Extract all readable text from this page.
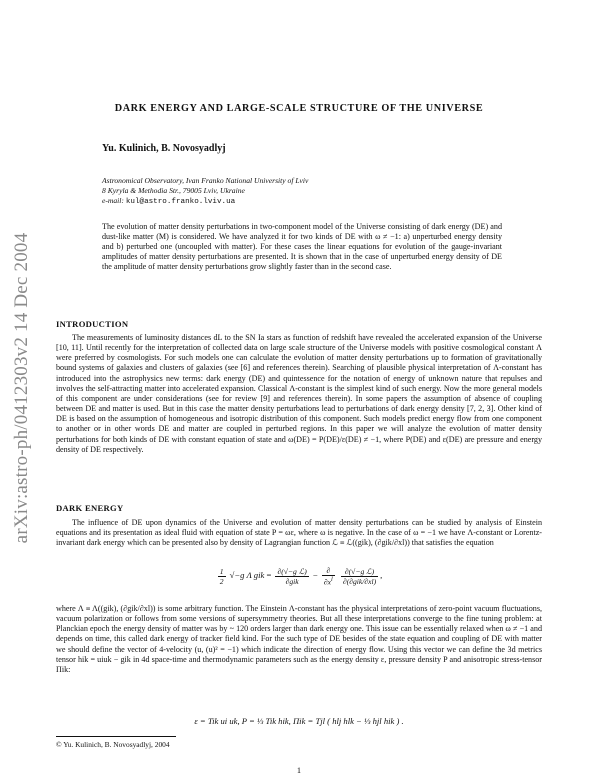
arXiv:astro-ph/0412303v2 14 Dec 2004
DARK ENERGY AND LARGE-SCALE STRUCTURE OF THE UNIVERSE
Yu. Kulinich, B. Novosyadlyj
Astronomical Observatory, Ivan Franko National University of Lviv
8 Kyryla & Methodia Str., 79005 Lviv, Ukraine
e-mail: kul@astro.franko.lviv.ua
The evolution of matter density perturbations in two-component model of the Universe consisting of dark energy (DE) and dust-like matter (M) is considered. We have analyzed it for two kinds of DE with ω ≠ −1: a) unperturbed energy density and b) perturbed one (uncoupled with matter). For these cases the linear equations for evolution of the gauge-invariant amplitudes of matter density perturbations are presented. It is shown that in the case of unperturbed energy density of DE the amplitude of matter density perturbations grow slightly faster than in the second case.
INTRODUCTION

The measurements of luminosity distances dL to the SN Ia stars as function of redshift have revealed the accelerated expansion of the Universe [10, 11]. Until recently for the interpretation of collected data on large scale structure of the Universe models with positive cosmological constant Λ were preferred by cosmologists. For such models one can calculate the evolution of matter density perturbations up to formation of gravitationally bound systems of galaxies and clusters of galaxies (see [6] and references therein). Searching of plausible physical interpretation of Λ-constant has introduced into the astrophysics new terms: dark energy (DE) and quintessence for the notation of energy of unknown nature that repulses and involves the self-attracting matter into accelerated expansion. Classical Λ-constant is the simplest kind of such energy. Now the more general models of this component are under considerations (see for review [9] and references therein). In some papers the assumption of absence of coupling between DE and matter is used. But in this case the matter density perturbations lead to perturbations of dark energy density [7, 2, 3]. Other kind of DE is based on the assumption of homogeneous and isotropic distribution of this component. Such models predict energy flow from one component to another or in other words DE and matter are coupled in perturbed regions. In this paper we will analyze the evolution of matter density perturbations for both kinds of DE with constant equation of state and ω(DE) = P(DE)/ε(DE) ≠ −1, where P(DE) and ε(DE) are pressure and energy density of DE respectively.

DARK ENERGY

The influence of DE upon dynamics of the Universe and evolution of matter density perturbations can be studied by analysis of Einstein equations and its presentation as ideal fluid with equation of state P = ωε, where ω is negative. In the case of ω = −1 we have Λ-constant or Lorentz-invariant dark energy which can be presented also by density of Lagrangian function ℒ ≡ ℒ((gik), (∂gik/∂xl)) that satisfies the equation

$\frac{1}{2} √-g$ Λ gik = $\frac{\text{∂(√−g ℒ)}}{\text{∂gik}} - \frac{\partial}{\partial x^l}$
$\frac{\text{∂(√−g ℒ)}}{\text{∂(∂gik/∂xl)}}$ ,

where Λ ≡ Λ((gik), (∂gik/∂xl)) is some arbitrary function. The Einstein Λ-constant has the physical interpretations of zero-point vacuum fluctuations, vacuum polarization or follows from some versions of supersymmetry theories. But all these interpretations converge to the fine tuning problem: at Planckian epoch the energy density of matter was by ~ 120 orders larger than dark energy one. This issue can be essentially relaxed when ω ≠ −1 and depends on time, this called dark energy of tracker field kind. For the such type of DE besides of the state equation and coupling of DE with matter we should define the vector of 4-velocity (u, (u)² = −1) which indicate the direction of energy flow. Using this vector we can define the 3d metrics tensor hik = uiuk − gik in 4d space-time and thermodynamic parameters such as the energy density ε, pressure density P and anisotropic stress-tensor Πik:

ε = Tik ui uk, P = ⅓ Tik hik, Πik = Tjl ( hlj hlk − ⅓ hjl hik ) .
© Yu. Kulinich, B. Novosyadlyj, 2004
1
